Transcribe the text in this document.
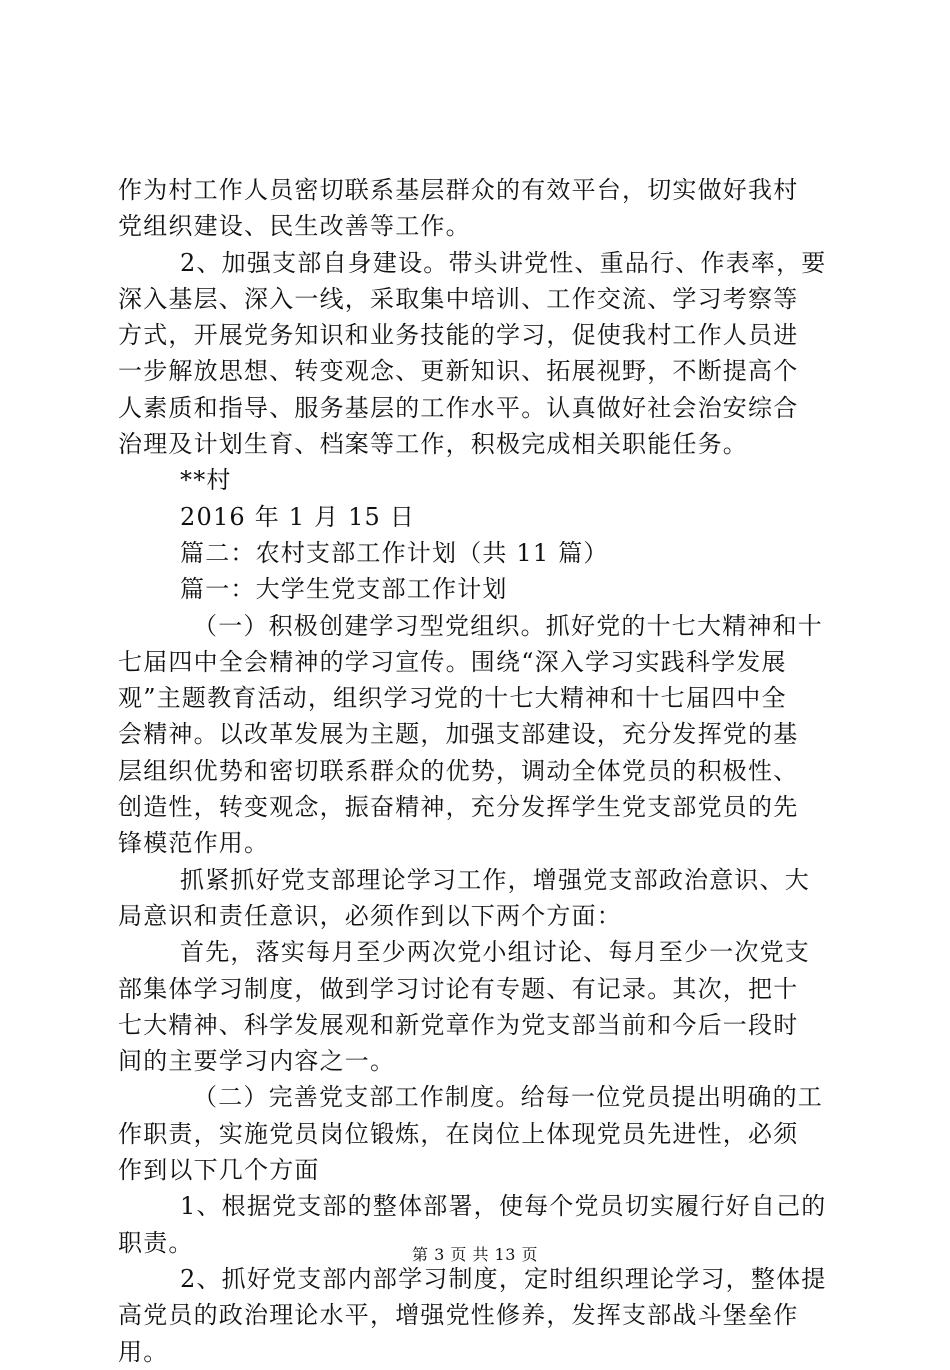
作为村工作人员密切联系基层群众的有效平台，切实做好我村
党组织建设、民生改善等工作。
2、加强支部自身建设。带头讲党性、重品行、作表率，要
深入基层、深入一线，采取集中培训、工作交流、学习考察等
方式，开展党务知识和业务技能的学习，促使我村工作人员进
一步解放思想、转变观念、更新知识、拓展视野，不断提高个
人素质和指导、服务基层的工作水平。认真做好社会治安综合
治理及计划生育、档案等工作，积极完成相关职能任务。
**村
2016 年 1 月 15 日
篇二：农村支部工作计划（共 11 篇）
篇一：大学生党支部工作计划
（一）积极创建学习型党组织。抓好党的十七大精神和十
七届四中全会精神的学习宣传。围绕“深入学习实践科学发展
观”主题教育活动，组织学习党的十七大精神和十七届四中全
会精神。以改革发展为主题，加强支部建设，充分发挥党的基
层组织优势和密切联系群众的优势，调动全体党员的积极性、
创造性，转变观念，振奋精神，充分发挥学生党支部党员的先
锋模范作用。
抓紧抓好党支部理论学习工作，增强党支部政治意识、大
局意识和责任意识，必须作到以下两个方面：
首先，落实每月至少两次党小组讨论、每月至少一次党支
部集体学习制度，做到学习讨论有专题、有记录。其次，把十
七大精神、科学发展观和新党章作为党支部当前和今后一段时
间的主要学习内容之一。
（二）完善党支部工作制度。给每一位党员提出明确的工
作职责，实施党员岗位锻炼，在岗位上体现党员先进性，必须
作到以下几个方面
1、根据党支部的整体部署，使每个党员切实履行好自己的
职责。
2、抓好党支部内部学习制度，定时组织理论学习，整体提
高党员的政治理论水平，增强党性修养，发挥支部战斗堡垒作
用。
第 3 页 共 13 页
